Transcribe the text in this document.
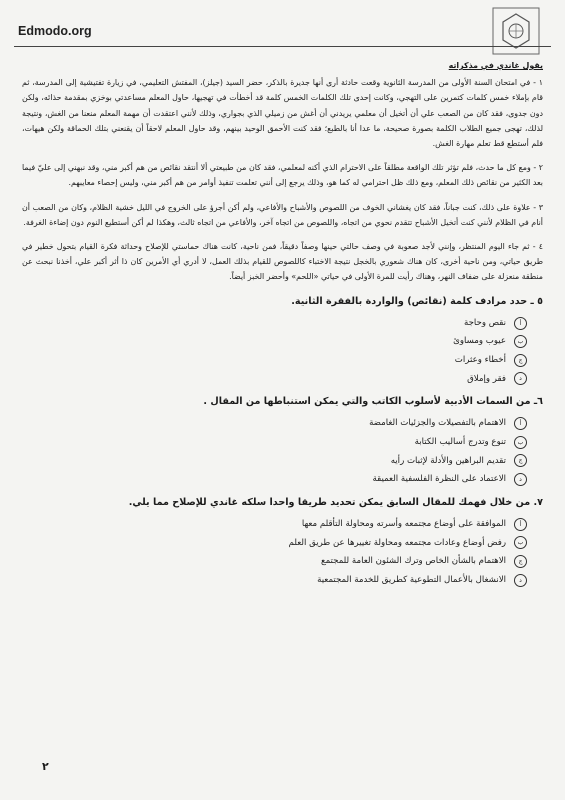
Edmodo.org
يقول غاندي في مذكراته

١ - في امتحان السنة الأولى من المدرسة الثانوية وقعت حادثة أرى أنها جديرة بالذكر، حضر السيد (جيلز)، المفتش التعليمي، في زيارة تفتيشية إلى المدرسة، ثم قام بإملاء خمس كلمات كتمرين على التهجي، وكانت إحدى تلك الكلمات الخمس كلمة قد أخطأت في تهجيها، حاول المعلم مساعدتي بوخزي بمقدمة حذائه، ولكن دون جدوى، فقد كان من الصعب علي أن أتخيل أن معلمي يريدني أن أغش من زميلي الذي بجواري، وذلك لأنني اعتقدت أن مهمة المعلم منعنا من الغش، ونتيجة لذلك، تهجى جميع الطلاب الكلمة بصورة صحيحة، ما عدا أنا بالطبع؛ فقد كنت الأحمق الوحيد بينهم، وقد حاول المعلم لاحقاً أن يقنعني بتلك الحماقة ولكن هيهات، فلم أستطع قط تعلم مهارة الغش.

٢ - ومع كل ما حدث، فلم تؤثر تلك الواقعة مطلقاً على الاحترام الذي أكنه لمعلمي، فقد كان من طبيعتي ألا أنتقد نقائص من هم أكبر مني، وقد نبهني إلى عليّ فيما بعد الكثير من نقائص ذلك المعلم، ومع ذلك ظل احترامي له كما هو، وذلك يرجع إلى أنني تعلمت تنفيذ أوامر من هم أكبر مني، وليس إحصاء معايبهم.

٣ - علاوة على ذلك، كنت جباناً، فقد كان يغشاني الخوف من اللصوص والأشباح والأفاعي، ولم أكن أجرؤ على الخروج في الليل خشية الظلام، وكان من الصعب أن أنام في الظلام لأنني كنت أتخيل الأشباح تتقدم نحوي من اتجاه، واللصوص من اتجاه آخر، والأفاعي من اتجاه ثالث، وهكذا لم أكن أستطيع النوم دون إضاءة الغرفة.

٤ - ثم جاء اليوم المنتظر، وإنني لأجد صعوبة في وصف حالتي حينها وصفاً دقيقاً، فمن ناحية، كانت هناك حماستي للإصلاح وحداثة فكرة القيام بتحول خطير في طريق حياتي، ومن ناحية أخرى، كان هناك شعوري بالخجل نتيجة الاختباء كاللصوص للقيام بذلك العمل، لا أدري أي الأمرين كان ذا أثر أكبر علي، أخذنا نبحث عن منطقة منعزلة على ضفاف النهر، وهناك رأيت للمرة الأولى في حياتي «اللحم» وأحضر الخبز أيضاً.

٥ ـ حدد مرادف كلمة (نقائص) والواردة بالفقرة الثانية.
أ
نقص وحاجة
ب
عيوب ومساوئ
ج
أخطاء وعثرات
د
فقر وإملاق
٦ـ من السمات الأدبية لأسلوب الكاتب والتي يمكن استنباطها من المقال .
أ
الاهتمام بالتفصيلات والجزئيات الغامضة
ب
تنوع وتدرج أساليب الكتابة
ج
تقديم البراهين والأدلة لإثبات رأيه
د
الاعتماد على النظرة الفلسفية العميقة
٧. من خلال فهمك للمقال السابق يمكن تحديد طريقا واحدا سلكه غاندي للإصلاح مما يلي.
أ
الموافقة على أوضاع مجتمعه وأسرته ومحاولة التأقلم معها
ب
رفض أوضاع وعادات مجتمعه ومحاولة تغييرها عن طريق العلم
ج
الاهتمام بالشأن الخاص وترك الشئون العامة للمجتمع
د
الانشغال بالأعمال التطوعية كطريق للخدمة المجتمعية
٢
